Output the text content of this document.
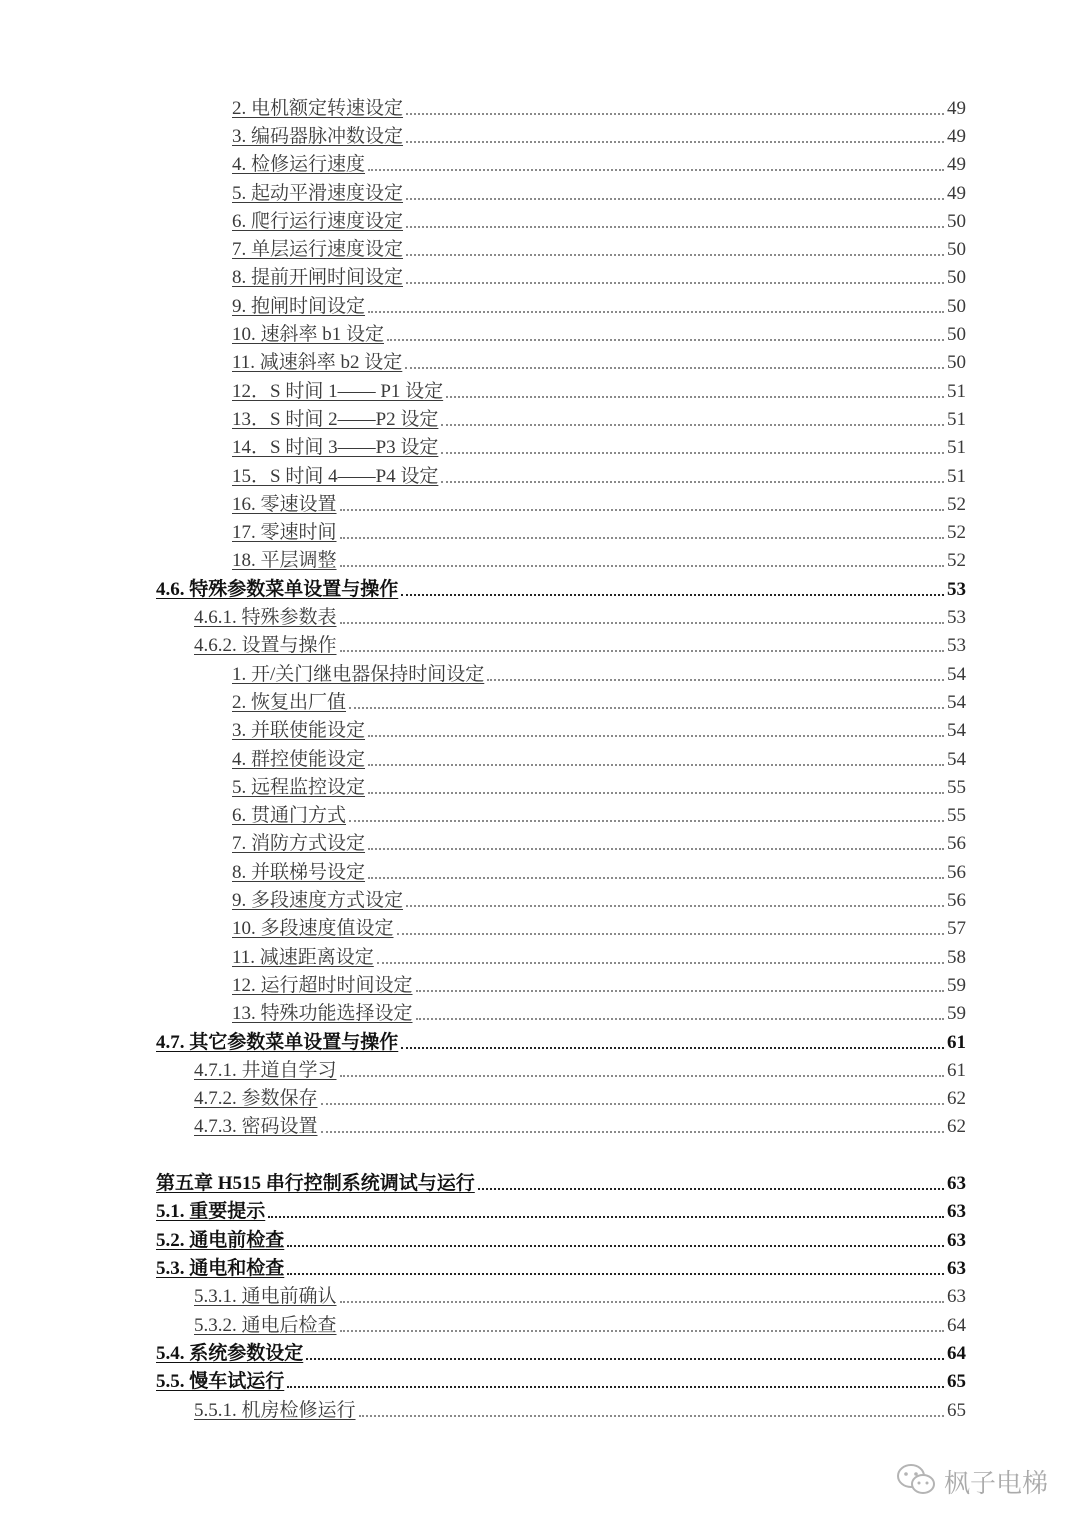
2. 电机额定转速设定	49
3. 编码器脉冲数设定	49
4. 检修运行速度	49
5. 起动平滑速度设定	49
6. 爬行运行速度设定	50
7. 单层运行速度设定	50
8. 提前开闸时间设定	50
9. 抱闸时间设定	50
10. 速斜率 b1 设定	50
11. 减速斜率 b2 设定	50
12．S 时间 1—— P1 设定	51
13．S 时间 2——P2 设定	51
14．S 时间 3——P3 设定	51
15．S 时间 4——P4 设定	51
16. 零速设置	52
17. 零速时间	52
18. 平层调整	52
4.6. 特殊参数菜单设置与操作	53
4.6.1. 特殊参数表	53
4.6.2. 设置与操作	53
1. 开/关门继电器保持时间设定	54
2. 恢复出厂值	54
3. 并联使能设定	54
4. 群控使能设定	54
5. 远程监控设定	55
6. 贯通门方式	55
7. 消防方式设定	56
8. 并联梯号设定	56
9. 多段速度方式设定	56
10. 多段速度值设定	57
11. 减速距离设定	58
12. 运行超时时间设定	59
13. 特殊功能选择设定	59
4.7. 其它参数菜单设置与操作	61
4.7.1. 井道自学习	61
4.7.2. 参数保存	62
4.7.3. 密码设置	62
第五章 H515 串行控制系统调试与运行	63
5.1. 重要提示	63
5.2. 通电前检查	63
5.3. 通电和检查	63
5.3.1. 通电前确认	63
5.3.2. 通电后检查	64
5.4. 系统参数设定	64
5.5. 慢车试运行	65
5.5.1. 机房检修运行	65
枫子电梯
